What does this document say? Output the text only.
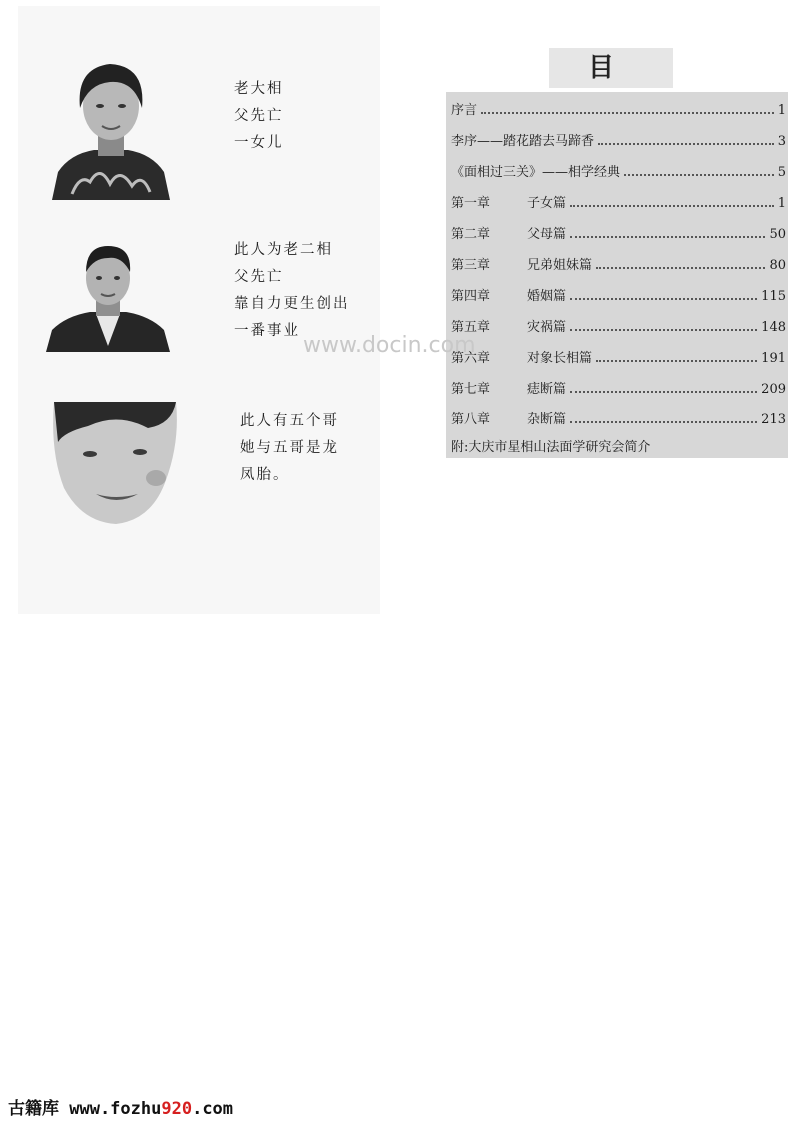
老大相
父先亡
一女儿
此人为老二相
父先亡
靠自力更生创出
一番事业
此人有五个哥
她与五哥是龙
凤胎。
目
序言	1
李序——踏花踏去马蹄香	3
《面相过三关》——相学经典	5
第一章	子女篇	1
第二章	父母篇	50
第三章	兄弟姐妹篇	80
第四章	婚姻篇	115
第五章	灾祸篇	148
第六章	对象长相篇	191
第七章	痣断篇	209
第八章	杂断篇	213
附:大庆市星相山法面学研究会简介
www.docin.com
古籍库 www.fozhu920.com
